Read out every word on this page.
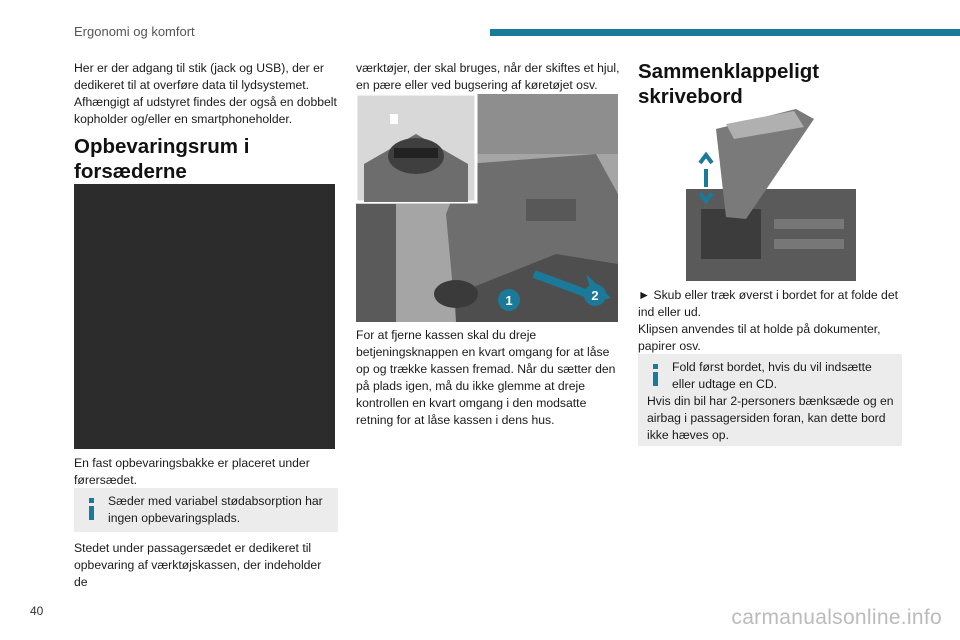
Ergonomi og komfort

Her er der adgang til stik (jack og USB), der er dedikeret til at overføre data til lydsystemet. Afhængigt af udstyret findes der også en dobbelt kopholder og/eller en smartphoneholder.

Opbevaringsrum i forsæderne

En fast opbevaringsbakke er placeret under førersædet.

Sæder med variabel stødabsorption har ingen opbevaringsplads.

Stedet under passagersædet er dedikeret til opbevaring af værktøjskassen, der indeholder de

værktøjer, der skal bruges, når der skiftes et hjul, en pære eller ved bugsering af køretøjet osv.

1	2

For at fjerne kassen skal du dreje betjeningsknappen en kvart omgang for at låse op og trække kassen fremad. Når du sætter den på plads igen, må du ikke glemme at dreje kontrollen en kvart omgang i den modsatte retning for at låse kassen i dens hus.

Sammenklappeligt skrivebord

► Skub eller træk øverst i bordet for at folde det ind eller ud.

Klipsen anvendes til at holde på dokumenter, papirer osv.

Fold først bordet, hvis du vil indsætte eller udtage en CD.
Hvis din bil har 2-personers bænksæde og en airbag i passagersiden foran, kan dette bord ikke hæves op.
40	carmanualsonline.info
